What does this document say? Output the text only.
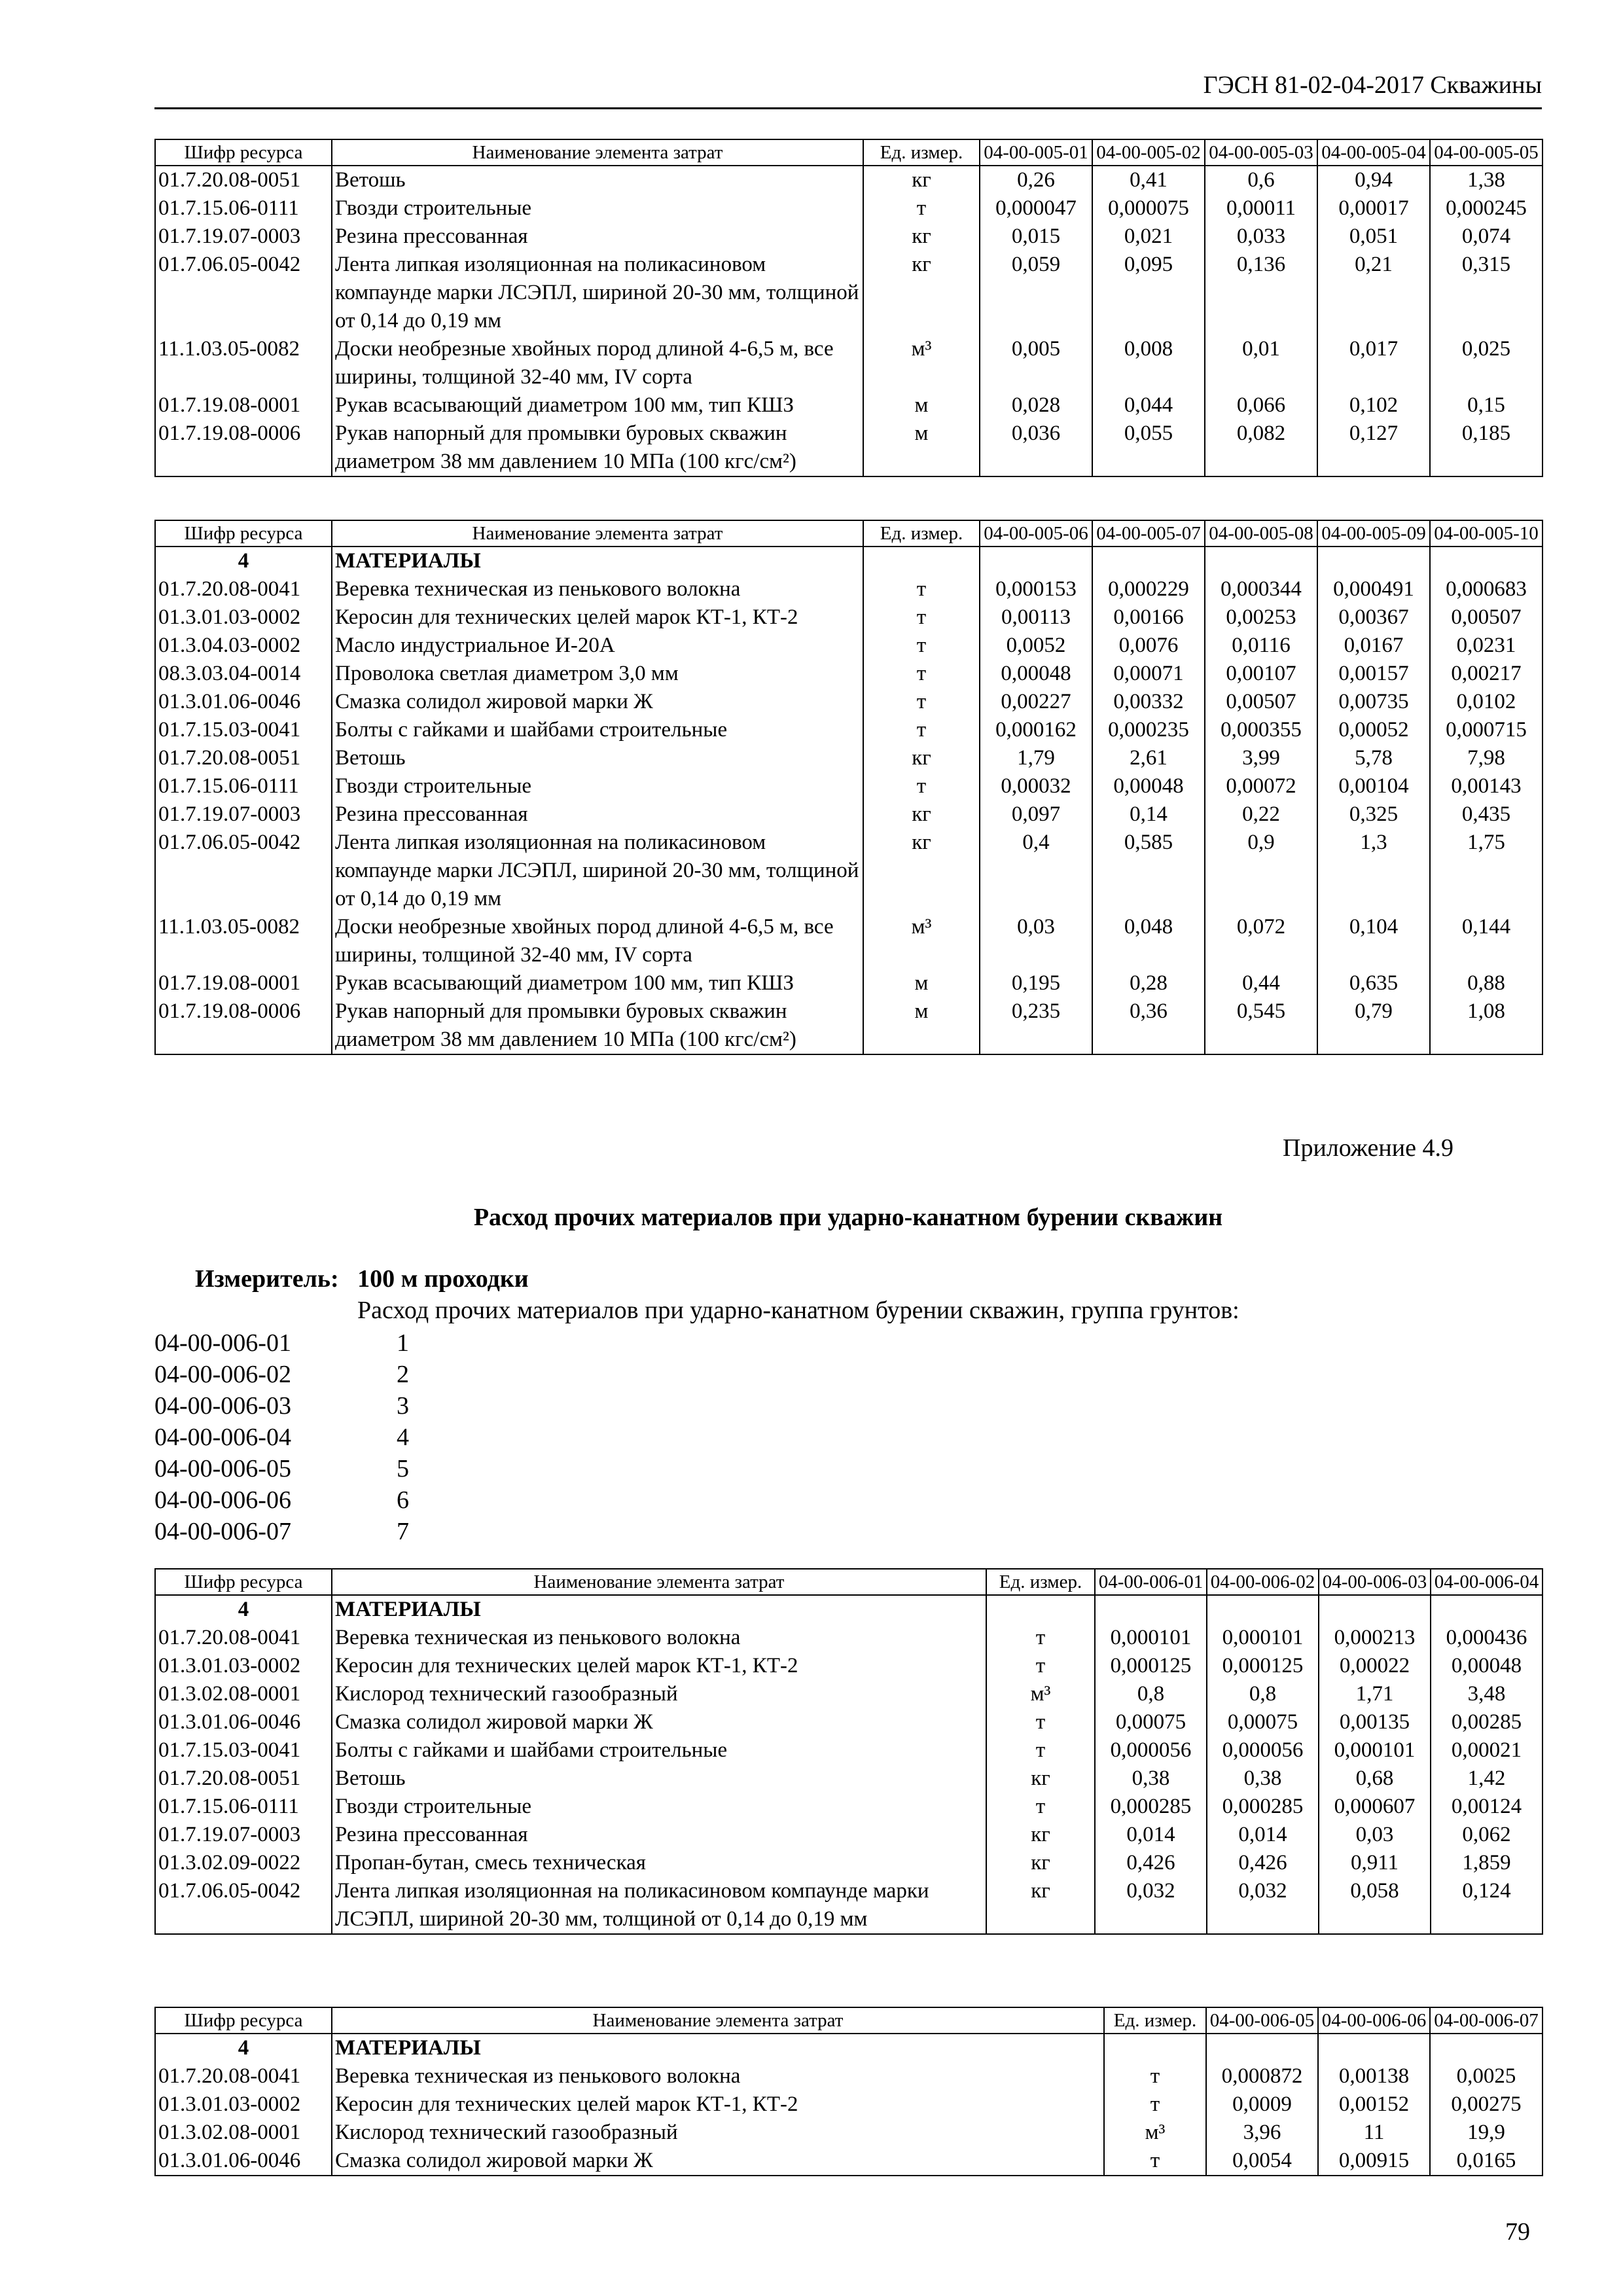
ГЭСН 81-02-04-2017 Скважины
Шифр ресурса	Наименование элемента затрат	Ед. измер.	04-00-005-01	04-00-005-02	04-00-005-03	04-00-005-04	04-00-005-05
01.7.20.08-0051	Ветошь	кг	0,26	0,41	0,6	0,94	1,38
01.7.15.06-0111	Гвозди строительные	т	0,000047	0,000075	0,00011	0,00017	0,000245
01.7.19.07-0003	Резина прессованная	кг	0,015	0,021	0,033	0,051	0,074
01.7.06.05-0042	Лента липкая изоляционная на поликасиновом компаунде марки ЛСЭПЛ, шириной 20-30 мм, толщиной от 0,14 до 0,19 мм	кг	0,059	0,095	0,136	0,21	0,315
11.1.03.05-0082	Доски необрезные хвойных пород длиной 4-6,5 м, все ширины, толщиной 32-40 мм, IV сорта	м³	0,005	0,008	0,01	0,017	0,025
01.7.19.08-0001	Рукав всасывающий диаметром 100 мм, тип КШЗ	м	0,028	0,044	0,066	0,102	0,15
01.7.19.08-0006	Рукав напорный для промывки буровых скважин диаметром 38 мм давлением 10 МПа (100 кгс/см²)	м	0,036	0,055	0,082	0,127	0,185
Шифр ресурса	Наименование элемента затрат	Ед. измер.	04-00-005-06	04-00-005-07	04-00-005-08	04-00-005-09	04-00-005-10
4	МАТЕРИАЛЫ						
01.7.20.08-0041	Веревка техническая из пенькового волокна	т	0,000153	0,000229	0,000344	0,000491	0,000683
01.3.01.03-0002	Керосин для технических целей марок КТ-1, КТ-2	т	0,00113	0,00166	0,00253	0,00367	0,00507
01.3.04.03-0002	Масло индустриальное И-20А	т	0,0052	0,0076	0,0116	0,0167	0,0231
08.3.03.04-0014	Проволока светлая диаметром 3,0 мм	т	0,00048	0,00071	0,00107	0,00157	0,00217
01.3.01.06-0046	Смазка солидол жировой марки Ж	т	0,00227	0,00332	0,00507	0,00735	0,0102
01.7.15.03-0041	Болты с гайками и шайбами строительные	т	0,000162	0,000235	0,000355	0,00052	0,000715
01.7.20.08-0051	Ветошь	кг	1,79	2,61	3,99	5,78	7,98
01.7.15.06-0111	Гвозди строительные	т	0,00032	0,00048	0,00072	0,00104	0,00143
01.7.19.07-0003	Резина прессованная	кг	0,097	0,14	0,22	0,325	0,435
01.7.06.05-0042	Лента липкая изоляционная на поликасиновом компаунде марки ЛСЭПЛ, шириной 20-30 мм, толщиной от 0,14 до 0,19 мм	кг	0,4	0,585	0,9	1,3	1,75
11.1.03.05-0082	Доски необрезные хвойных пород длиной 4-6,5 м, все ширины, толщиной 32-40 мм, IV сорта	м³	0,03	0,048	0,072	0,104	0,144
01.7.19.08-0001	Рукав всасывающий диаметром 100 мм, тип КШЗ	м	0,195	0,28	0,44	0,635	0,88
01.7.19.08-0006	Рукав напорный для промывки буровых скважин диаметром 38 мм давлением 10 МПа (100 кгс/см²)	м	0,235	0,36	0,545	0,79	1,08
Приложение 4.9
Расход прочих материалов при ударно-канатном бурении скважин
Измеритель: 100 м проходки
Расход прочих материалов при ударно-канатном бурении скважин, группа грунтов:
04-00-006-01	1
04-00-006-02	2
04-00-006-03	3
04-00-006-04	4
04-00-006-05	5
04-00-006-06	6
04-00-006-07	7
Шифр ресурса	Наименование элемента затрат	Ед. измер.	04-00-006-01	04-00-006-02	04-00-006-03	04-00-006-04
4	МАТЕРИАЛЫ					
01.7.20.08-0041	Веревка техническая из пенькового волокна	т	0,000101	0,000101	0,000213	0,000436
01.3.01.03-0002	Керосин для технических целей марок КТ-1, КТ-2	т	0,000125	0,000125	0,00022	0,00048
01.3.02.08-0001	Кислород технический газообразный	м³	0,8	0,8	1,71	3,48
01.3.01.06-0046	Смазка солидол жировой марки Ж	т	0,00075	0,00075	0,00135	0,00285
01.7.15.03-0041	Болты с гайками и шайбами строительные	т	0,000056	0,000056	0,000101	0,00021
01.7.20.08-0051	Ветошь	кг	0,38	0,38	0,68	1,42
01.7.15.06-0111	Гвозди строительные	т	0,000285	0,000285	0,000607	0,00124
01.7.19.07-0003	Резина прессованная	кг	0,014	0,014	0,03	0,062
01.3.02.09-0022	Пропан-бутан, смесь техническая	кг	0,426	0,426	0,911	1,859
01.7.06.05-0042	Лента липкая изоляционная на поликасиновом компаунде марки ЛСЭПЛ, шириной 20-30 мм, толщиной от 0,14 до 0,19 мм	кг	0,032	0,032	0,058	0,124
Шифр ресурса	Наименование элемента затрат	Ед. измер.	04-00-006-05	04-00-006-06	04-00-006-07
4	МАТЕРИАЛЫ				
01.7.20.08-0041	Веревка техническая из пенькового волокна	т	0,000872	0,00138	0,0025
01.3.01.03-0002	Керосин для технических целей марок КТ-1, КТ-2	т	0,0009	0,00152	0,00275
01.3.02.08-0001	Кислород технический газообразный	м³	3,96	11	19,9
01.3.01.06-0046	Смазка солидол жировой марки Ж	т	0,0054	0,00915	0,0165
79
